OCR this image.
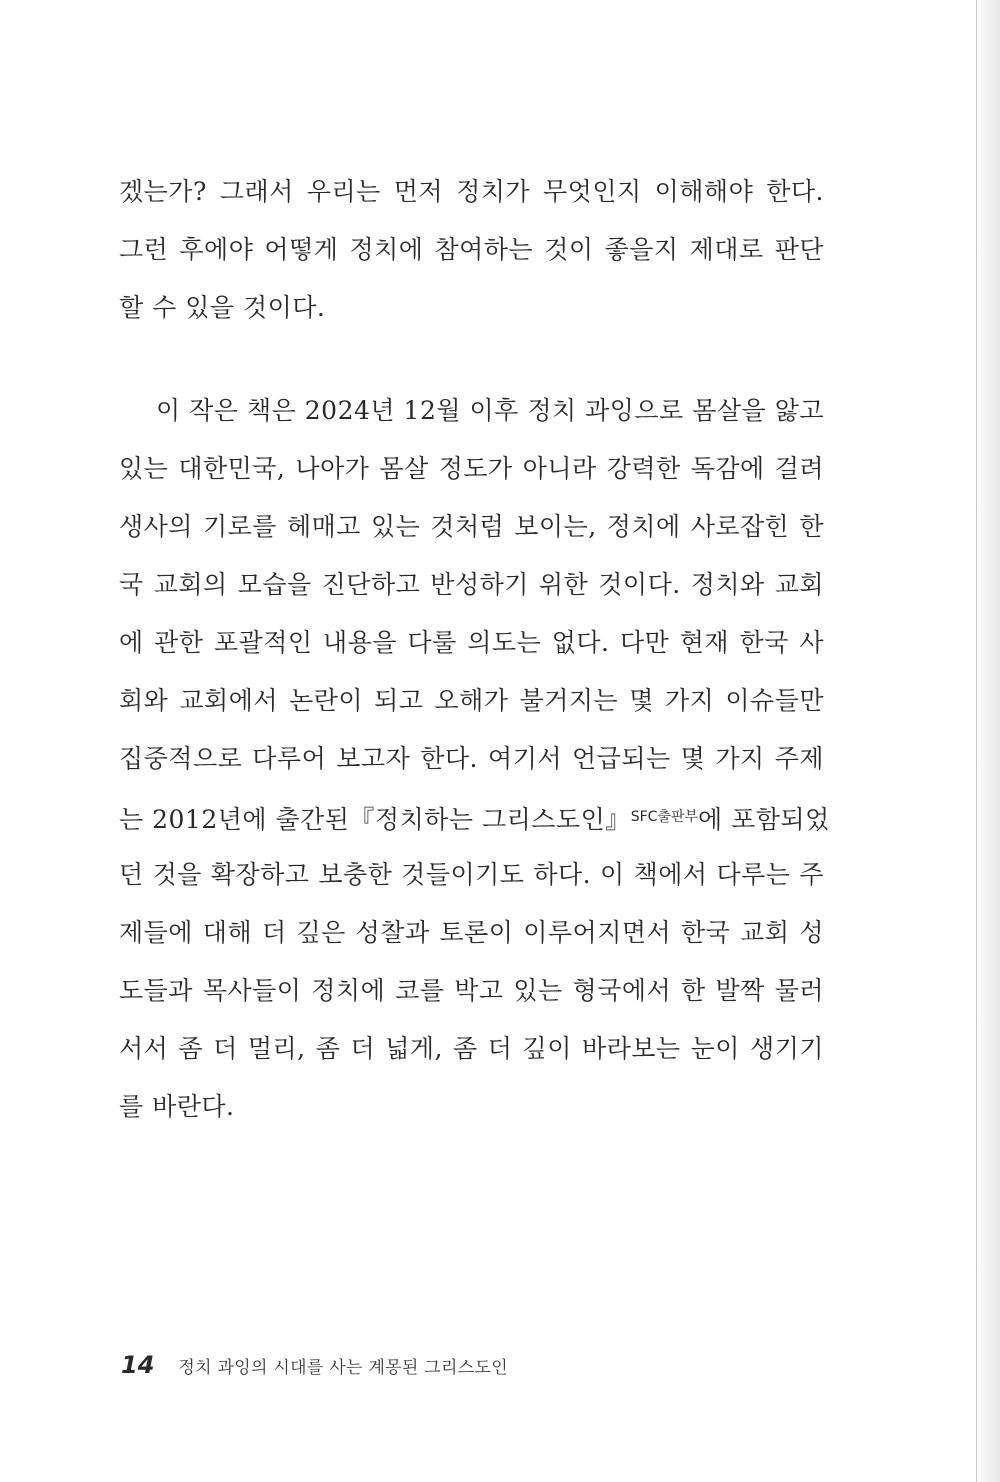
겠는가? 그래서 우리는 먼저 정치가 무엇인지 이해해야 한다.
그런 후에야 어떻게 정치에 참여하는 것이 좋을지 제대로 판단
할 수 있을 것이다.
이 작은 책은 2024년 12월 이후 정치 과잉으로 몸살을 앓고
있는 대한민국, 나아가 몸살 정도가 아니라 강력한 독감에 걸려
생사의 기로를 헤매고 있는 것처럼 보이는, 정치에 사로잡힌 한
국 교회의 모습을 진단하고 반성하기 위한 것이다. 정치와 교회
에 관한 포괄적인 내용을 다룰 의도는 없다. 다만 현재 한국 사
회와 교회에서 논란이 되고 오해가 불거지는 몇 가지 이슈들만
집중적으로 다루어 보고자 한다. 여기서 언급되는 몇 가지 주제
는 2012년에 출간된『정치하는 그리스도인』$^{SFC출판부}$에 포함되었
던 것을 확장하고 보충한 것들이기도 하다. 이 책에서 다루는 주
제들에 대해 더 깊은 성찰과 토론이 이루어지면서 한국 교회 성
도들과 목사들이 정치에 코를 박고 있는 형국에서 한 발짝 물러
서서 좀 더 멀리, 좀 더 넓게, 좀 더 깊이 바라보는 눈이 생기기
를 바란다.
14 정치 과잉의 시대를 사는 계몽된 그리스도인
